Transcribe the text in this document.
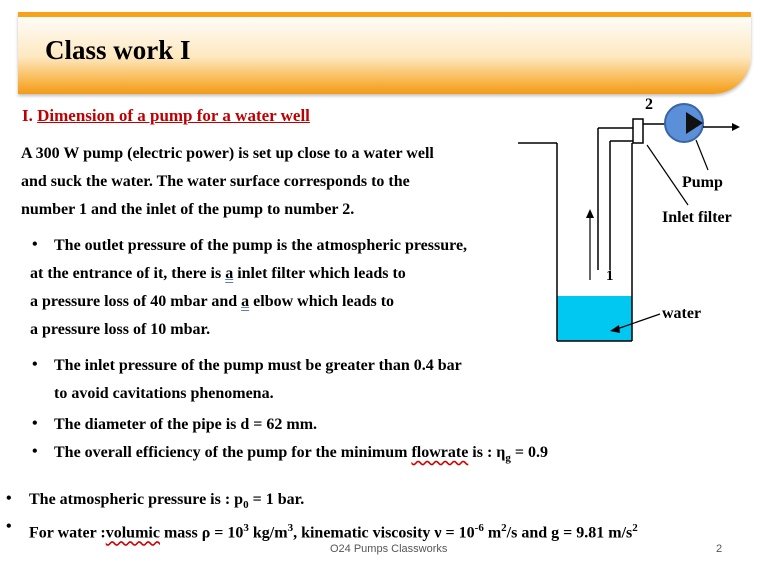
Class work I
I. Dimension of a pump for a water well
A 300 W pump (electric power) is set up close to a water well
and suck the water. The water surface corresponds to the
number 1 and the inlet of the pump to number 2.
• The outlet pressure of the pump is the atmospheric pressure,
at the entrance of it, there is a inlet filter which leads to
a pressure loss of 40 mbar and a elbow which leads to
a pressure loss of 10 mbar.
• The inlet pressure of the pump must be greater than 0.4 bar
to avoid cavitations phenomena.
• The diameter of the pipe is d = 62 mm.
• The overall efficiency of the pump for the minimum flowrate is : $\eta_g = 0.9$
• The atmospheric pressure is : $p_0 = 1$ bar.
• For water :volumic mass $\rho = 10^3$ $kg/m^3$, kinematic viscosity $\nu = 10^{-6}$ $m^2/s$ and g = 9.81 $m/s^2$
2
1
Pump
Inlet filter
water
O24 Pumps Classworks	2
